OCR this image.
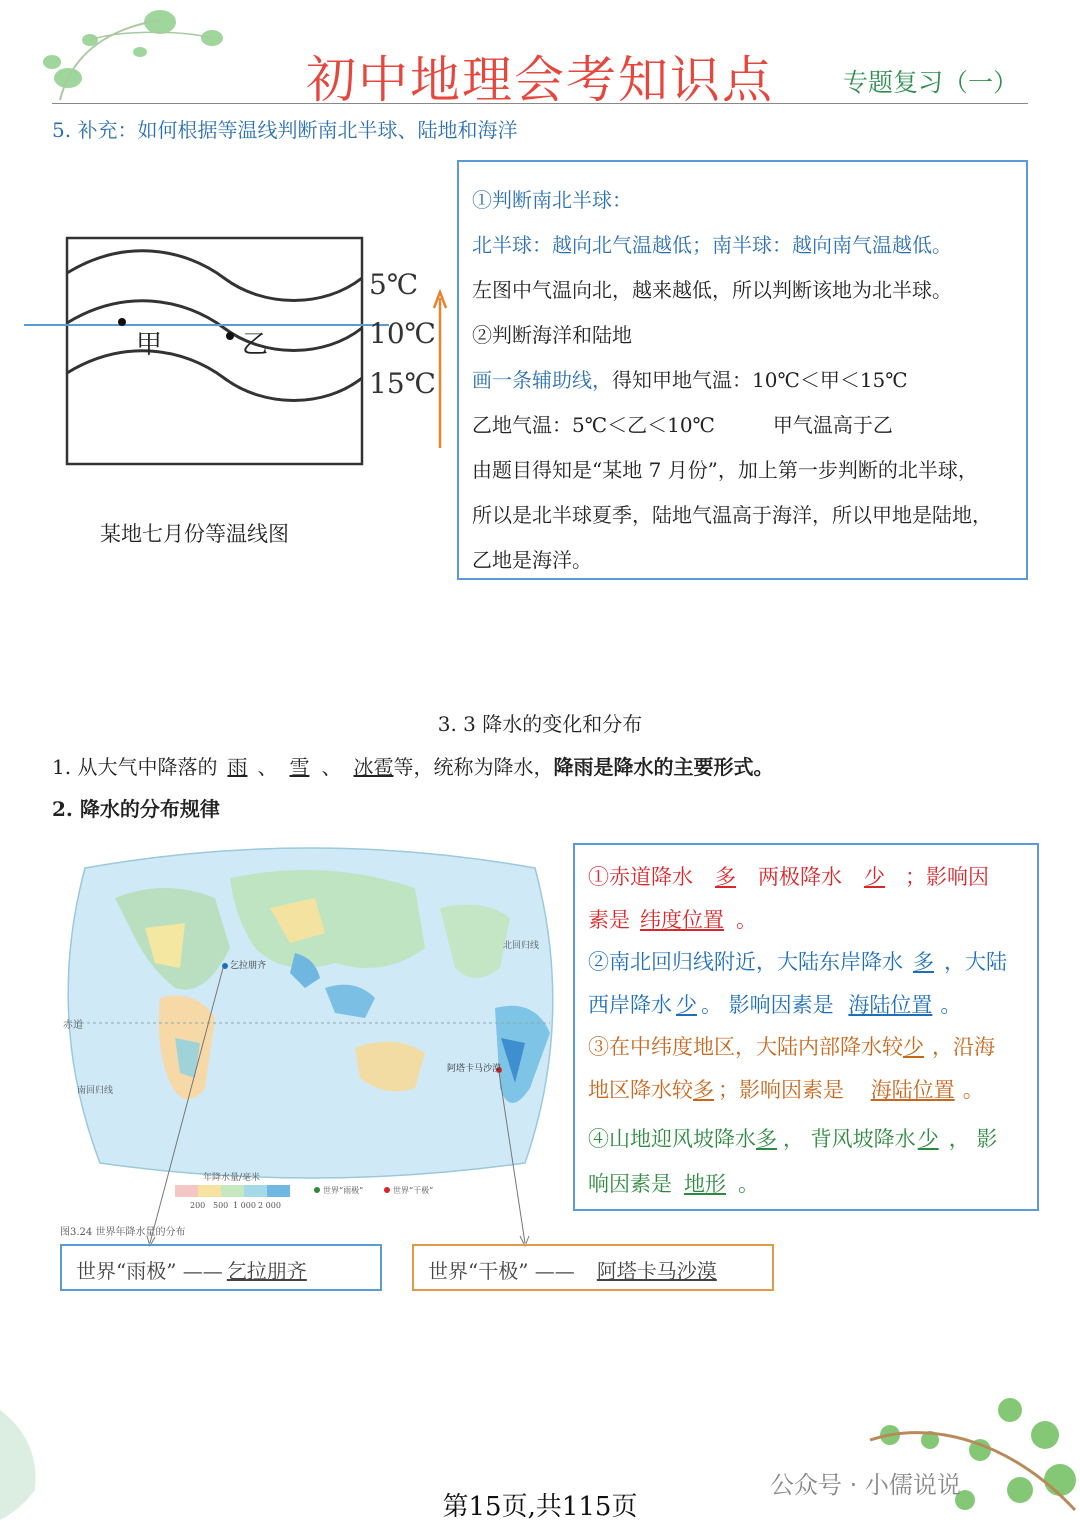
初中地理会考知识点	专题复习（一）
5. 补充：如何根据等温线判断南北半球、陆地和海洋
甲	乙
5℃
10℃
15℃
某地七月份等温线图
①判断南北半球：
北半球：越向北气温越低；南半球：越向南气温越低。
左图中气温向北，越来越低，所以判断该地为北半球。
②判断海洋和陆地
画一条辅助线，得知甲地气温：10℃＜甲＜15℃
乙地气温：5℃＜乙＜10℃	甲气温高于乙
由题目得知是“某地 7 月份”，加上第一步判断的北半球，
所以是北半球夏季，陆地气温高于海洋，所以甲地是陆地，
乙地是海洋。
3. 3 降水的变化和分布
1. 从大气中降落的 雨 、 雪 、 冰雹等，统称为降水，降雨是降水的主要形式。
2. 降水的分布规律
赤道
乞拉朋齐
阿塔卡马沙漠
北回归线
南回归线
年降水量/毫米
200 500 1 000 2 000
世界“雨极”	世界“干极”
图3.24 世界年降水量的分布
①赤道降水 多 两极降水 少 ；影响因
素是 纬度位置 。
②南北回归线附近，大陆东岸降水 多 ，大陆
西岸降水 少 。 影响因素是 海陆位置 。
③在中纬度地区，大陆内部降水较少 ，沿海
地区降水较多 ；影响因素是 海陆位置 。
④山地迎风坡降水多 ， 背风坡降水少 ， 影
响因素是 地形 。
世界“雨极” —— 乞拉朋齐	世界“干极” —— 阿塔卡马沙漠
公众号 · 小儒说说
第15页,共115页
